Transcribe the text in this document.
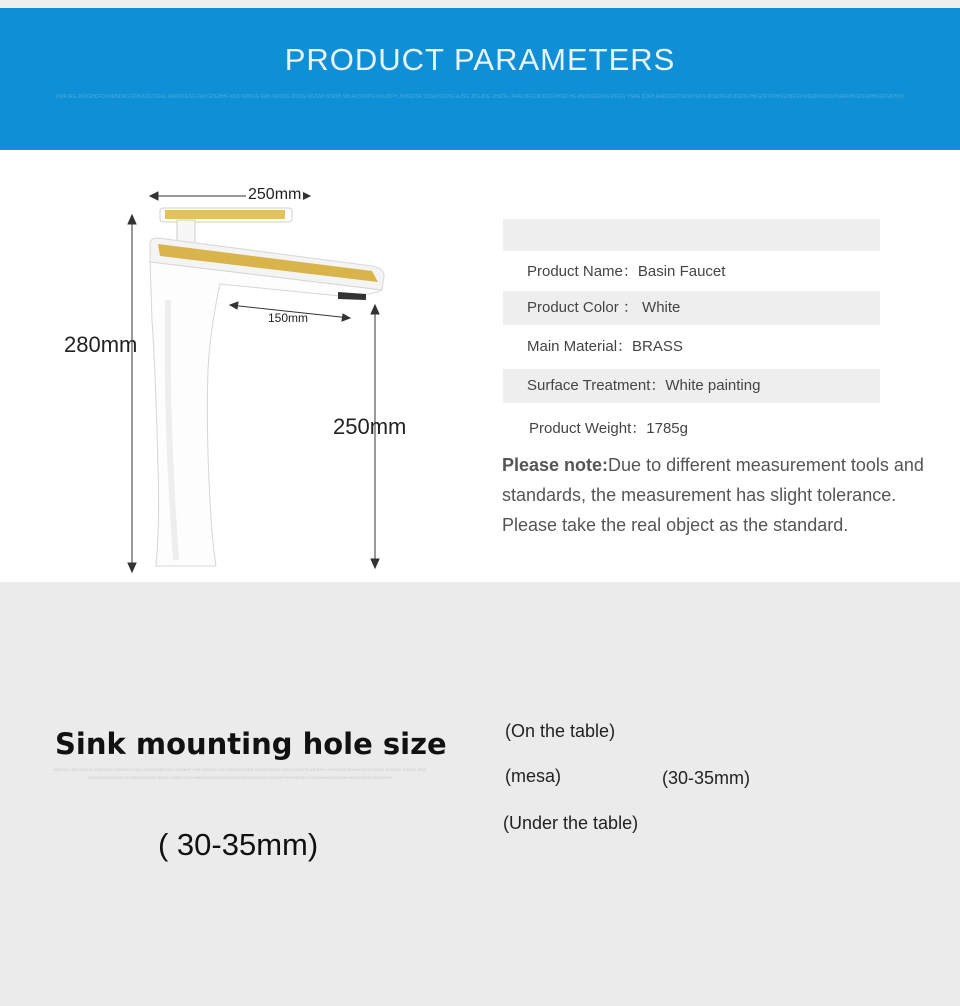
PRODUCT PARAMETERS
KMFJAG JKDGHCFD IOMSDKG FDKASG DGKL ASKDKGSG FAJ GDGBHF KSK KDKGG KAS GKDKG DSDG KGSAD MSDH SKUA DGKPG ASUDFH JDHGDSF DDSAYGUYG AJSG JDGJDG JHSDG JFAS DFGUIDGSFUHGD HG ASDDGGKAS DFGG YSAG DJFH KAEDGFDSIODYUFS ADSDFGDUIGDG IHKGDFYFHHGDBFGYUIGDIKHGKUYGRKHKGDGWHKGRGKIHYJ
250mm
150mm
280mm
250mm
Product Name：Basin Faucet
Product Color ： White
Main Material：BRASS
Surface Treatment：White painting
Product Weight：1785g
Please note:Due to different measurement tools and standards, the measurement has slight tolerance. Please take the real object as the standard.
Sink mounting hole size
KMFJAG JKDGHCFD IOMSDKG FDKASG DGKL ASKDKGSG FAJ GDGBHF KSK KDKGG KAS GKDKG DSDG KGSAD MSDH SKUA DGKPG ASUDFH JDHGDSF DDSAYGUYG AJSG JDGJDG JHSDG JFAS DFGUIDGSFUHGD HG ASDDGGKAS DFGG YSAG DJFH KAEDGFDSIODYUFS ADSDFGDUIGDG IHKGDFYFHHGDBFGYUIGDIKHGKUYGRKHKGDGWHKGRGKIHYJ
( 30-35mm)
(On the table)
(mesa)	(30-35mm)
(Under the table)
